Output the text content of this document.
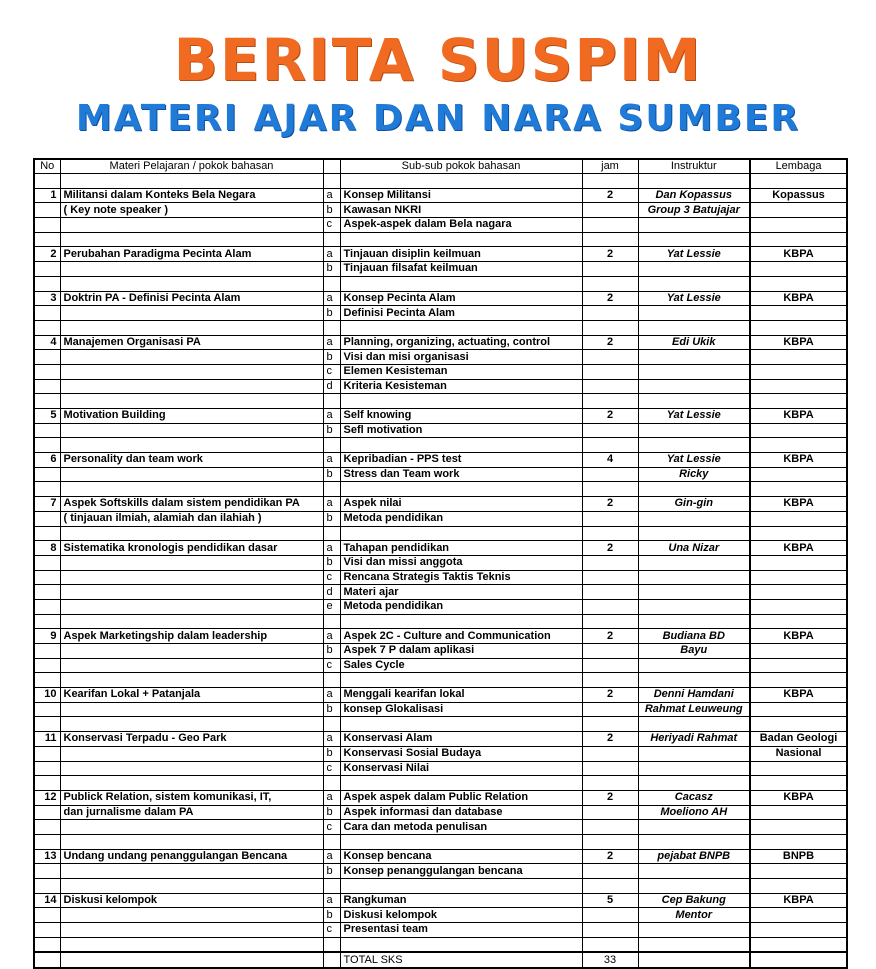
BERITA SUSPIM
MATERI AJAR DAN NARA SUMBER
No	Materi Pelajaran / pokok bahasan		Sub-sub pokok bahasan	jam	Instruktur	Lembaga

1	Militansi dalam Konteks Bela Negara	a	Konsep Militansi	2	Dan Kopassus	Kopassus
	( Key note speaker )	b	Kawasan NKRI		Group 3 Batujajar	
		c	Aspek-aspek dalam Bela nagara			

2	Perubahan Paradigma Pecinta Alam	a	Tinjauan disiplin keilmuan	2	Yat Lessie	KBPA
		b	Tinjauan filsafat keilmuan			

3	Doktrin PA - Definisi Pecinta Alam	a	Konsep Pecinta Alam	2	Yat Lessie	KBPA
		b	Definisi Pecinta Alam			

4	Manajemen Organisasi PA	a	Planning, organizing, actuating, control	2	Edi Ukik	KBPA
		b	Visi dan misi organisasi			
		c	Elemen Kesisteman			
		d	Kriteria Kesisteman			

5	Motivation Building	a	Self knowing	2	Yat Lessie	KBPA
		b	Sefl motivation			

6	Personality dan team work	a	Kepribadian - PPS test	4	Yat Lessie	KBPA
		b	Stress dan Team work		Ricky	

7	Aspek Softskills dalam sistem pendidikan PA	a	Aspek nilai	2	Gin-gin	KBPA
	( tinjauan ilmiah, alamiah dan ilahiah )	b	Metoda pendidikan			

8	Sistematika kronologis pendidikan dasar	a	Tahapan pendidikan	2	Una Nizar	KBPA
		b	Visi dan missi anggota			
		c	Rencana Strategis Taktis Teknis			
		d	Materi ajar			
		e	Metoda pendidikan			

9	Aspek Marketingship dalam leadership	a	Aspek 2C - Culture and Communication	2	Budiana BD	KBPA
		b	Aspek 7 P dalam aplikasi		Bayu	
		c	Sales Cycle			

10	Kearifan Lokal + Patanjala	a	Menggali kearifan lokal	2	Denni Hamdani	KBPA
		b	konsep Glokalisasi		Rahmat Leuweung	

11	Konservasi Terpadu - Geo Park	a	Konservasi Alam	2	Heriyadi Rahmat	Badan Geologi
		b	Konservasi Sosial Budaya			Nasional
		c	Konservasi Nilai			

12	Publick Relation, sistem komunikasi, IT,	a	Aspek aspek dalam Public Relation	2	Cacasz	KBPA
	dan jurnalisme dalam PA	b	Aspek informasi dan database		Moeliono AH	
		c	Cara dan metoda penulisan			

13	Undang undang penanggulangan Bencana	a	Konsep bencana	2	pejabat BNPB	BNPB
		b	Konsep penanggulangan bencana			

14	Diskusi kelompok	a	Rangkuman	5	Cep Bakung	KBPA
		b	Diskusi kelompok		Mentor	
		c	Presentasi team			

			TOTAL SKS	33		
